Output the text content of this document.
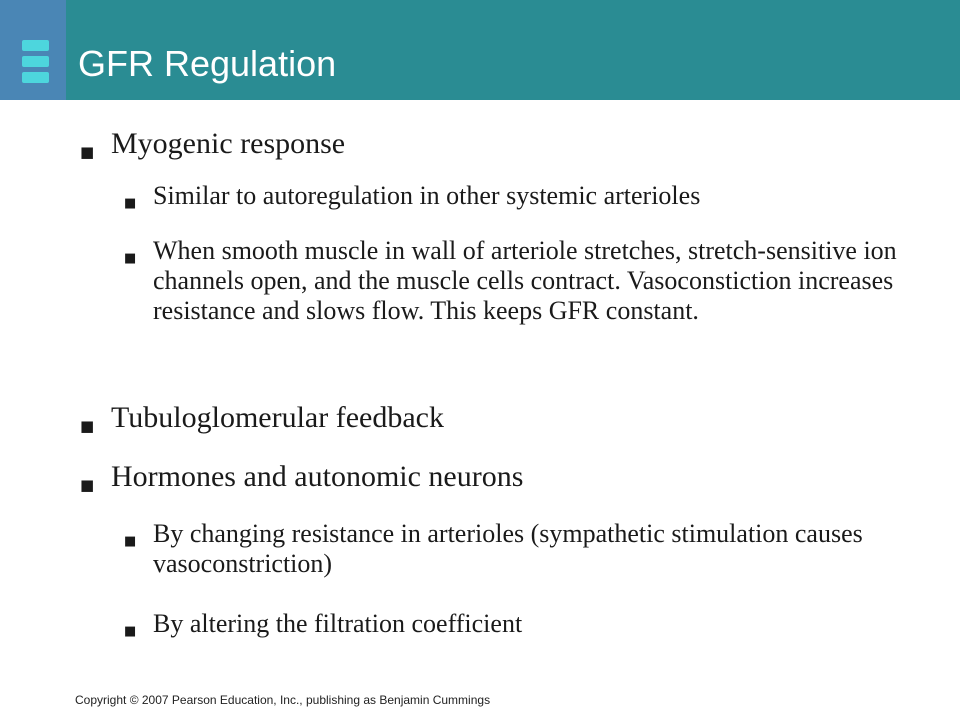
GFR Regulation

■ Myogenic response

■ Similar to autoregulation in other systemic arterioles

■ When smooth muscle in wall of arteriole stretches, stretch-sensitive ion channels open, and the muscle cells contract. Vasoconstiction increases resistance and slows flow. This keeps GFR constant.

■ Tubuloglomerular feedback

■ Hormones and autonomic neurons

■ By changing resistance in arterioles (sympathetic stimulation causes vasoconstriction)

■ By altering the filtration coefficient

Copyright © 2007 Pearson Education, Inc., publishing as Benjamin Cummings
